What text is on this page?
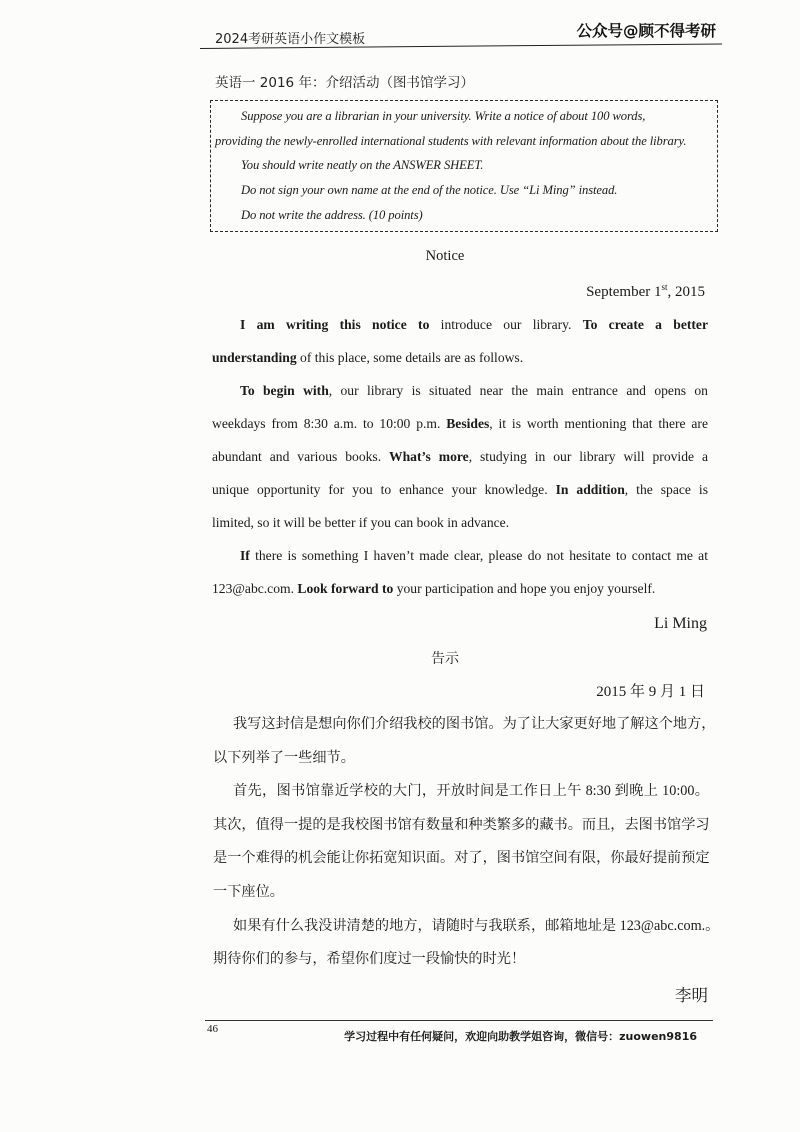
2024考研英语小作文模板	公众号@顾不得考研
英语一 2016 年：介绍活动（图书馆学习）
Suppose you are a librarian in your university. Write a notice of about 100 words,
providing the newly-enrolled international students with relevant information about the library.
You should write neatly on the ANSWER SHEET.
Do not sign your own name at the end of the notice. Use “Li Ming” instead.
Do not write the address. (10 points)
Notice
September 1st, 2015
I am writing this notice to introduce our library. To create a better
understanding of this place, some details are as follows.
To begin with, our library is situated near the main entrance and opens on
weekdays from 8:30 a.m. to 10:00 p.m. Besides, it is worth mentioning that there are
abundant and various books. What’s more, studying in our library will provide a
unique opportunity for you to enhance your knowledge. In addition, the space is
limited, so it will be better if you can book in advance.
If there is something I haven’t made clear, please do not hesitate to contact me at
123@abc.com. Look forward to your participation and hope you enjoy yourself.
Li Ming
告示
2015 年 9 月 1 日
我写这封信是想向你们介绍我校的图书馆。为了让大家更好地了解这个地方，
以下列举了一些细节。
首先，图书馆靠近学校的大门，开放时间是工作日上午 8:30 到晚上 10:00。
其次，值得一提的是我校图书馆有数量和种类繁多的藏书。而且，去图书馆学习
是一个难得的机会能让你拓宽知识面。对了，图书馆空间有限，你最好提前预定
一下座位。
如果有什么我没讲清楚的地方，请随时与我联系，邮箱地址是 123@abc.com.。
期待你们的参与，希望你们度过一段愉快的时光！
李明
46
学习过程中有任何疑问，欢迎向助教学姐咨询，微信号：zuowen9816
